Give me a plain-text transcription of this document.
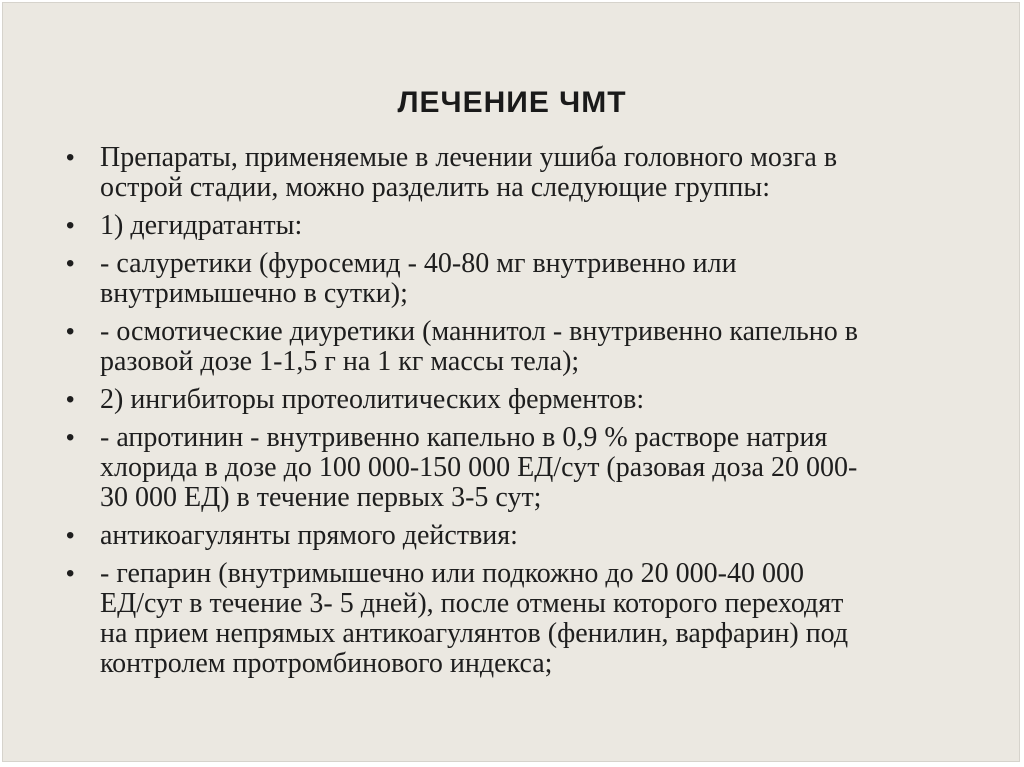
ЛЕЧЕНИЕ ЧМТ
• Препараты, применяемые в лечении ушиба головного мозга в
острой стадии, можно разделить на следующие группы:
• 1) дегидратанты:
• - салуретики (фуросемид - 40-80 мг внутривенно или
внутримышечно в сутки);
• - осмотические диуретики (маннитол - внутривенно капельно в
разовой дозе 1-1,5 г на 1 кг массы тела);
• 2) ингибиторы протеолитических ферментов:
• - апротинин - внутривенно капельно в 0,9 % растворе натрия
хлорида в дозе до 100 000-150 000 ЕД/сут (разовая доза 20 000-
30 000 ЕД) в течение первых 3-5 сут;
• антикоагулянты прямого действия:
• - гепарин (внутримышечно или подкожно до 20 000-40 000
ЕД/сут в течение 3- 5 дней), после отмены которого переходят
на прием непрямых антикоагулянтов (фенилин, варфарин) под
контролем протромбинового индекса;
